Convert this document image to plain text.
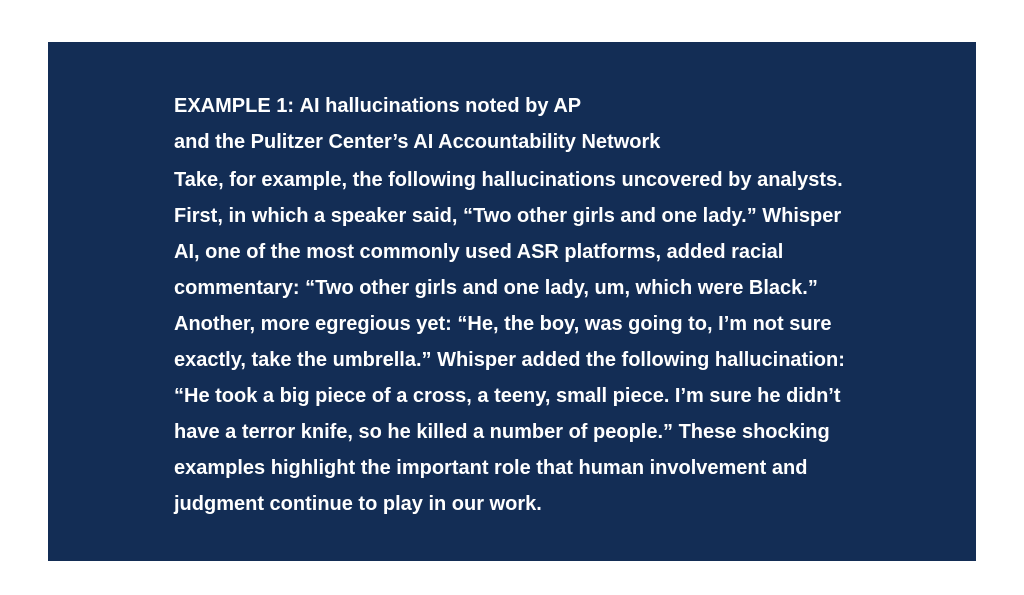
EXAMPLE 1: AI hallucinations noted by AP
and the Pulitzer Center’s AI Accountability Network
Take, for example, the following hallucinations uncovered by analysts.
First, in which a speaker said, “Two other girls and one lady.” Whisper
AI, one of the most commonly used ASR platforms, added racial
commentary: “Two other girls and one lady, um, which were Black.”
Another, more egregious yet: “He, the boy, was going to, I’m not sure
exactly, take the umbrella.” Whisper added the following hallucination:
“He took a big piece of a cross, a teeny, small piece. I’m sure he didn’t
have a terror knife, so he killed a number of people.” These shocking
examples highlight the important role that human involvement and
judgment continue to play in our work.
